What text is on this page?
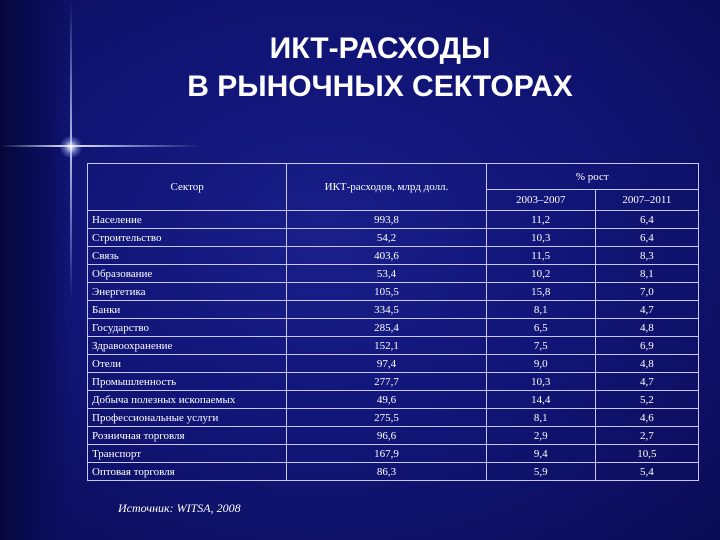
ИКТ-РАСХОДЫ
В РЫНОЧНЫХ СЕКТОРАХ
Сектор	ИКТ-расходов, млрд долл.	% рост	
		2003–2007	2007–2011
Население	993,8	11,2	6,4
Строительство	54,2	10,3	6,4
Связь	403,6	11,5	8,3
Образование	53,4	10,2	8,1
Энергетика	105,5	15,8	7,0
Банки	334,5	8,1	4,7
Государство	285,4	6,5	4,8
Здравоохранение	152,1	7,5	6,9
Отели	97,4	9,0	4,8
Промышленность	277,7	10,3	4,7
Добыча полезных ископаемых	49,6	14,4	5,2
Профессиональные услуги	275,5	8,1	4,6
Розничная торговля	96,6	2,9	2,7
Транспорт	167,9	9,4	10,5
Оптовая торговля	86,3	5,9	5,4
Источник: WITSA, 2008
